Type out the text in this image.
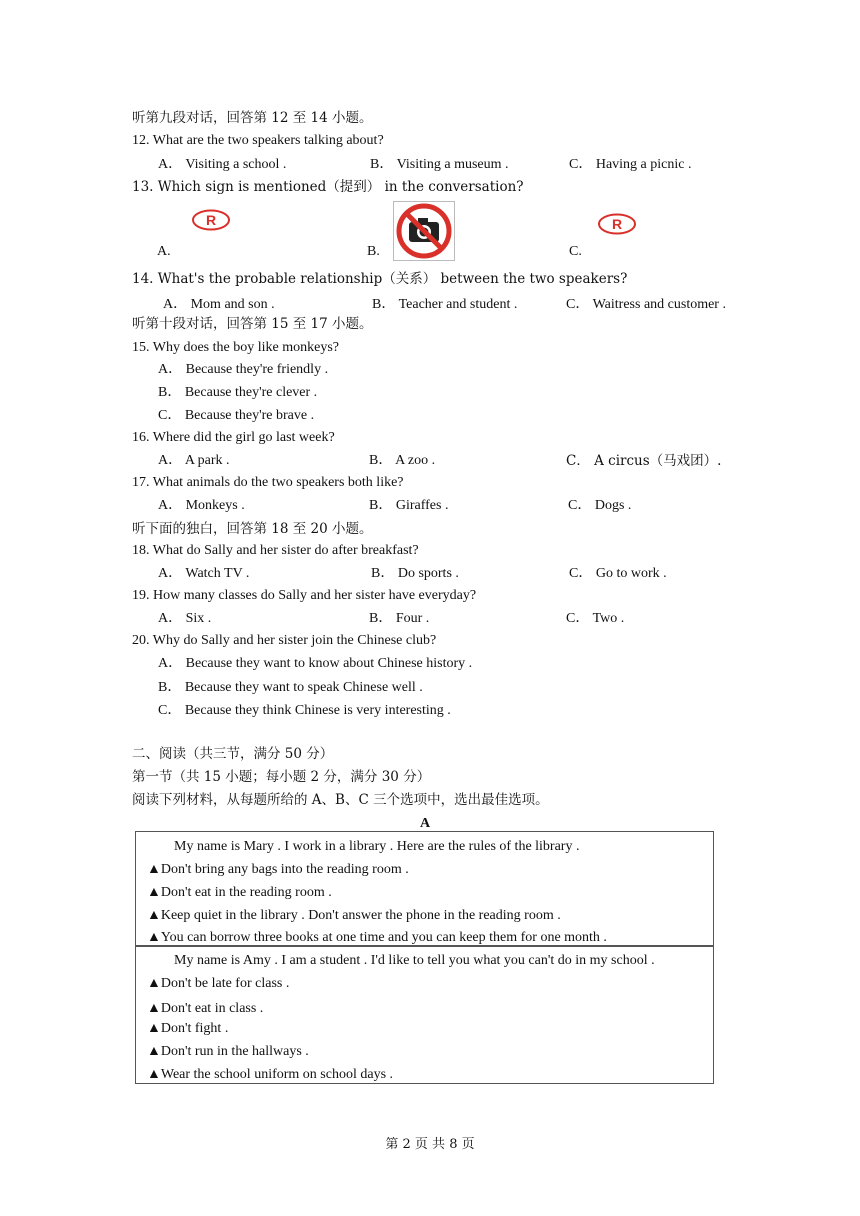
听第九段对话，回答第 12 至 14 小题。
12. What are the two speakers talking about?
A． Visiting a school .	B． Visiting a museum .	C． Having a picnic .
13. Which sign is mentioned（提到） in the conversation?
R	R
A.	B.	C.
14. What's the probable relationship（关系） between the two speakers?
A． Mom and son .	B． Teacher and student .	C． Waitress and customer .
听第十段对话，回答第 15 至 17 小题。
15. Why does the boy like monkeys?
A． Because they're friendly .
B． Because they're clever .
C． Because they're brave .
16. Where did the girl go last week?
A． A park .	B． A zoo .	C． A circus（马戏团）.
17. What animals do the two speakers both like?
A． Monkeys .	B． Giraffes .	C． Dogs .
听下面的独白，回答第 18 至 20 小题。
18. What do Sally and her sister do after breakfast?
A． Watch TV .	B． Do sports .	C． Go to work .
19. How many classes do Sally and her sister have everyday?
A． Six .	B． Four .	C． Two .
20. Why do Sally and her sister join the Chinese club?
A． Because they want to know about Chinese history .
B． Because they want to speak Chinese well .
C． Because they think Chinese is very interesting .
二、阅读（共三节，满分 50 分）
第一节（共 15 小题；每小题 2 分，满分 30 分）
阅读下列材料，从每题所给的 A、B、C 三个选项中，选出最佳选项。
A
My name is Mary . I work in a library . Here are the rules of the library .
▲Don't bring any bags into the reading room .
▲Don't eat in the reading room .
▲Keep quiet in the library . Don't answer the phone in the reading room .
▲You can borrow three books at one time and you can keep them for one month .
My name is Amy . I am a student . I'd like to tell you what you can't do in my school .
▲Don't be late for class .
▲Don't eat in class .
▲Don't fight .
▲Don't run in the hallways .
▲Wear the school uniform on school days .
第 2 页 共 8 页
